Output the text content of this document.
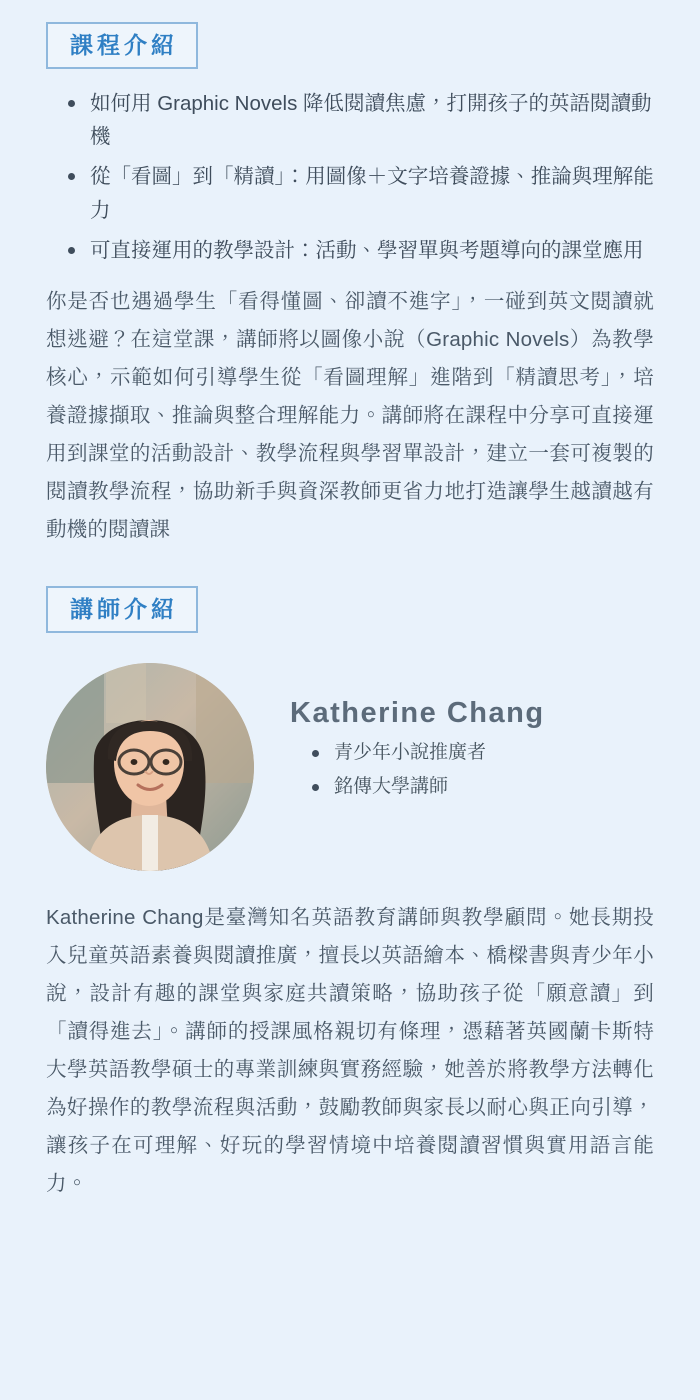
課程介紹
如何用 Graphic Novels 降低閱讀焦慮，打開孩子的英語閱讀動機
從「看圖」到「精讀」：用圖像＋文字培養證據、推論與理解能力
可直接運用的教學設計：活動、學習單與考題導向的課堂應用

你是否也遇過學生「看得懂圖、卻讀不進字」，一碰到英文閱讀就想逃避？在這堂課，講師將以圖像小說（Graphic Novels）為教學核心，示範如何引導學生從「看圖理解」進階到「精讀思考」，培養證據擷取、推論與整合理解能力。講師將在課程中分享可直接運用到課堂的活動設計、教學流程與學習單設計，建立一套可複製的閱讀教學流程，協助新手與資深教師更省力地打造讓學生越讀越有動機的閱讀課

講師介紹
Katherine Chang
青少年小說推廣者
銘傳大學講師

Katherine Chang是臺灣知名英語教育講師與教學顧問。她長期投入兒童英語素養與閱讀推廣，擅長以英語繪本、橋樑書與青少年小說，設計有趣的課堂與家庭共讀策略，協助孩子從「願意讀」到「讀得進去」。講師的授課風格親切有條理，憑藉著英國蘭卡斯特大學英語教學碩士的專業訓練與實務經驗，她善於將教學方法轉化為好操作的教學流程與活動，鼓勵教師與家長以耐心與正向引導，讓孩子在可理解、好玩的學習情境中培養閱讀習慣與實用語言能力。
